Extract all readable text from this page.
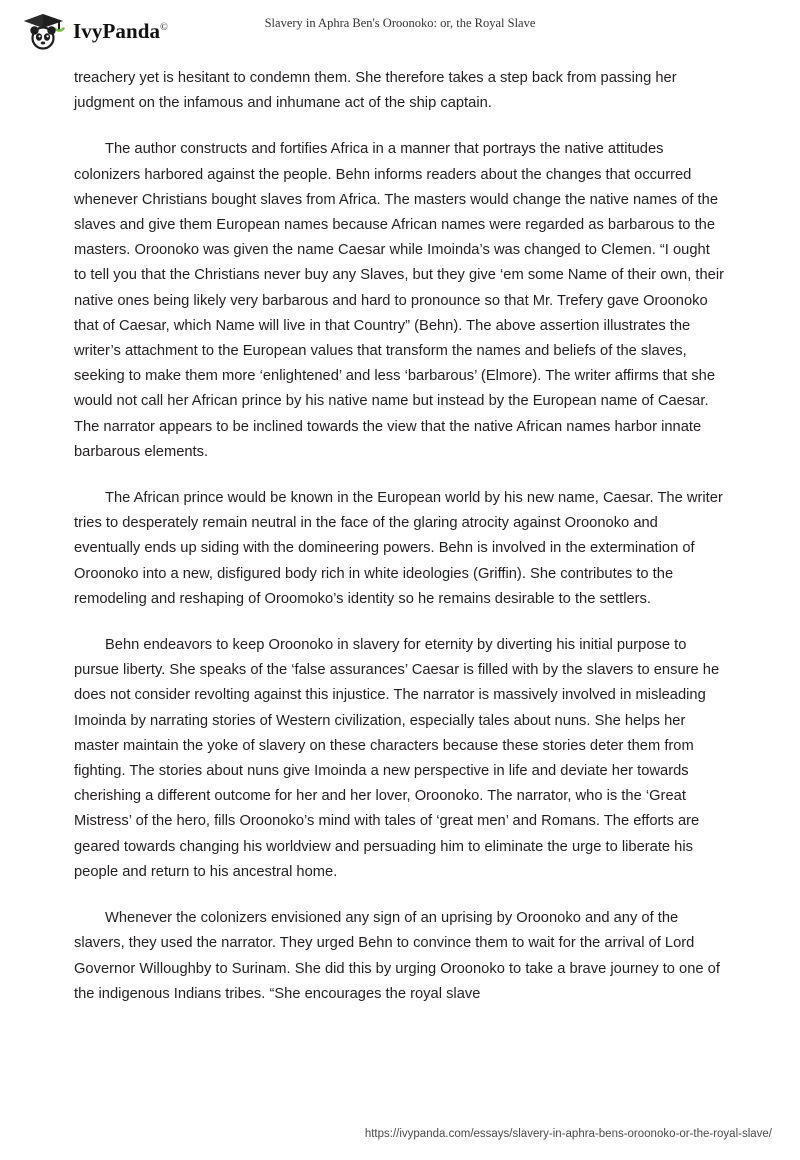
IvyPanda©	Slavery in Aphra Ben's Oroonoko: or, the Royal Slave

treachery yet is hesitant to condemn them. She therefore takes a step back from passing her judgment on the infamous and inhumane act of the ship captain.

The author constructs and fortifies Africa in a manner that portrays the native attitudes colonizers harbored against the people. Behn informs readers about the changes that occurred whenever Christians bought slaves from Africa. The masters would change the native names of the slaves and give them European names because African names were regarded as barbarous to the masters. Oroonoko was given the name Caesar while Imoinda’s was changed to Clemen. “I ought to tell you that the Christians never buy any Slaves, but they give ‘em some Name of their own, their native ones being likely very barbarous and hard to pronounce so that Mr. Trefery gave Oroonoko that of Caesar, which Name will live in that Country” (Behn). The above assertion illustrates the writer’s attachment to the European values that transform the names and beliefs of the slaves, seeking to make them more ‘enlightened’ and less ‘barbarous’ (Elmore). The writer affirms that she would not call her African prince by his native name but instead by the European name of Caesar. The narrator appears to be inclined towards the view that the native African names harbor innate barbarous elements.

The African prince would be known in the European world by his new name, Caesar. The writer tries to desperately remain neutral in the face of the glaring atrocity against Oroonoko and eventually ends up siding with the domineering powers. Behn is involved in the extermination of Oroonoko into a new, disfigured body rich in white ideologies (Griffin). She contributes to the remodeling and reshaping of Oroomoko’s identity so he remains desirable to the settlers.

Behn endeavors to keep Oroonoko in slavery for eternity by diverting his initial purpose to pursue liberty. She speaks of the ‘false assurances’ Caesar is filled with by the slavers to ensure he does not consider revolting against this injustice. The narrator is massively involved in misleading Imoinda by narrating stories of Western civilization, especially tales about nuns. She helps her master maintain the yoke of slavery on these characters because these stories deter them from fighting. The stories about nuns give Imoinda a new perspective in life and deviate her towards cherishing a different outcome for her and her lover, Oroonoko. The narrator, who is the ‘Great Mistress’ of the hero, fills Oroonoko’s mind with tales of ‘great men’ and Romans. The efforts are geared towards changing his worldview and persuading him to eliminate the urge to liberate his people and return to his ancestral home.

Whenever the colonizers envisioned any sign of an uprising by Oroonoko and any of the slavers, they used the narrator. They urged Behn to convince them to wait for the arrival of Lord Governor Willoughby to Surinam. She did this by urging Oroonoko to take a brave journey to one of the indigenous Indians tribes. “She encourages the royal slave

https://ivypanda.com/essays/slavery-in-aphra-bens-oroonoko-or-the-royal-slave/
